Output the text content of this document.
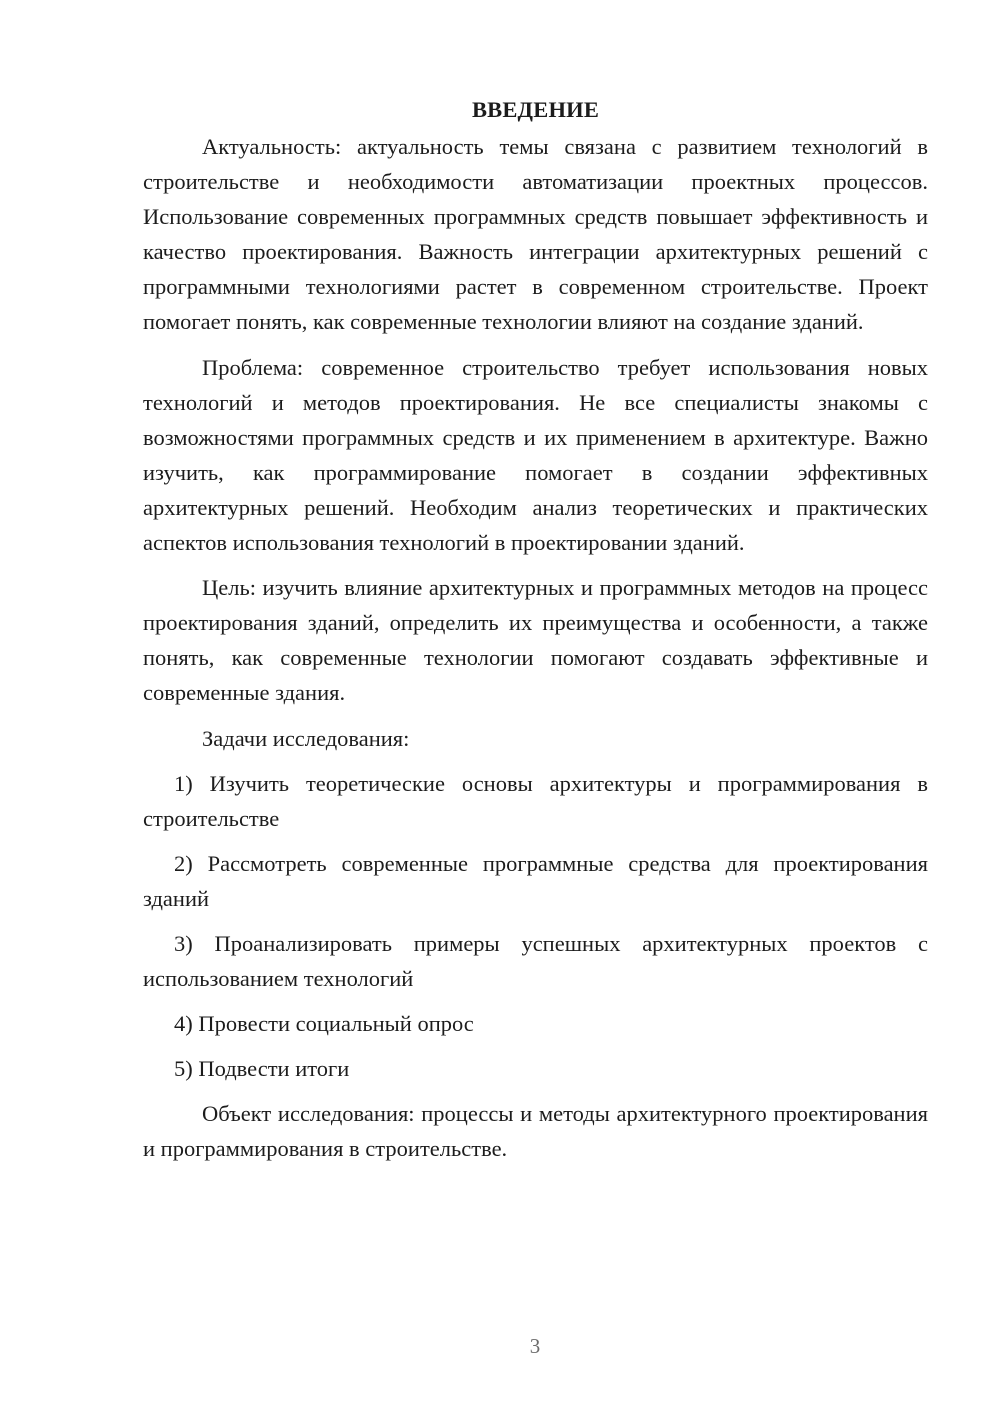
ВВЕДЕНИЕ

Актуальность: актуальность темы связана с развитием технологий в строительстве и необходимости автоматизации проектных процессов. Использование современных программных средств повышает эффективность и качество проектирования. Важность интеграции архитектурных решений с программными технологиями растет в современном строительстве. Проект помогает понять, как современные технологии влияют на создание зданий.

Проблема: современное строительство требует использования новых технологий и методов проектирования. Не все специалисты знакомы с возможностями программных средств и их применением в архитектуре. Важно изучить, как программирование помогает в создании эффективных архитектурных решений. Необходим анализ теоретических и практических аспектов использования технологий в проектировании зданий.

Цель: изучить влияние архитектурных и программных методов на процесс проектирования зданий, определить их преимущества и особенности, а также понять, как современные технологии помогают создавать эффективные и современные здания.

Задачи исследования:

1) Изучить теоретические основы архитектуры и программирования в строительстве

2) Рассмотреть современные программные средства для проектирования зданий

3) Проанализировать примеры успешных архитектурных проектов с использованием технологий

4) Провести социальный опрос

5) Подвести итоги

Объект исследования: процессы и методы архитектурного проектирования и программирования в строительстве.

3
